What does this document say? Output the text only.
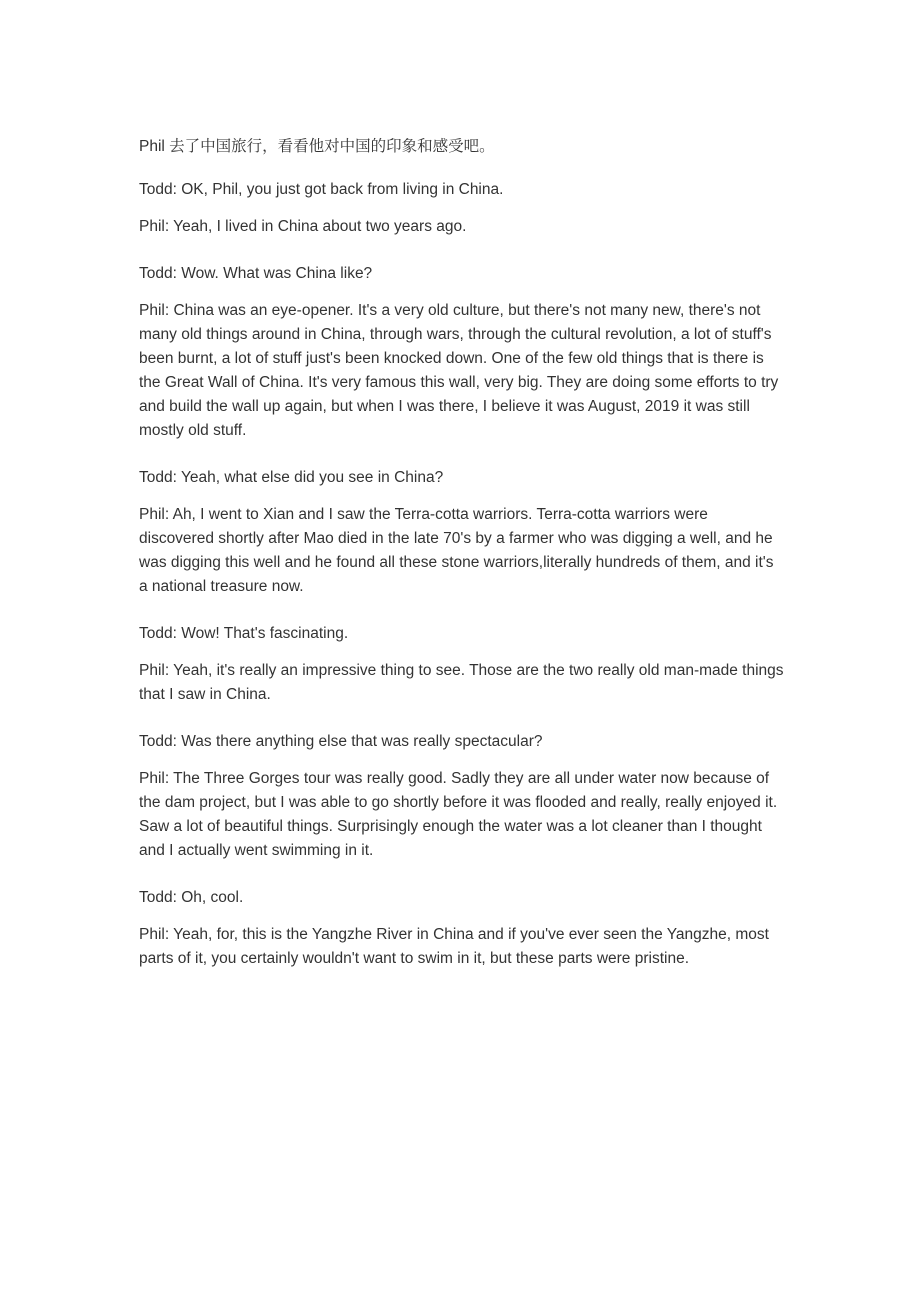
Phil 去了中国旅行，看看他对中国的印象和感受吧。

Todd: OK, Phil, you just got back from living in China.

Phil: Yeah, I lived in China about two years ago.

Todd: Wow. What was China like?

Phil: China was an eye-opener. It's a very old culture, but there's not many new, there's not many old things around in China, through wars, through the cultural revolution, a lot of stuff's been burnt, a lot of stuff just's been knocked down. One of the few old things that is there is the Great Wall of China. It's very famous this wall, very big. They are doing some efforts to try and build the wall up again, but when I was there, I believe it was August, 2019 it was still mostly old stuff.

Todd: Yeah, what else did you see in China?

Phil: Ah, I went to Xian and I saw the Terra-cotta warriors. Terra-cotta warriors were discovered shortly after Mao died in the late 70's by a farmer who was digging a well, and he was digging this well and he found all these stone warriors,literally hundreds of them, and it's a national treasure now.

Todd: Wow! That's fascinating.

Phil: Yeah, it's really an impressive thing to see. Those are the two really old man-made things that I saw in China.

Todd: Was there anything else that was really spectacular?

Phil: The Three Gorges tour was really good. Sadly they are all under water now because of the dam project, but I was able to go shortly before it was flooded and really, really enjoyed it. Saw a lot of beautiful things. Surprisingly enough the water was a lot cleaner than I thought and I actually went swimming in it.

Todd: Oh, cool.

Phil: Yeah, for, this is the Yangzhe River in China and if you've ever seen the Yangzhe, most parts of it, you certainly wouldn't want to swim in it, but these parts were pristine.
